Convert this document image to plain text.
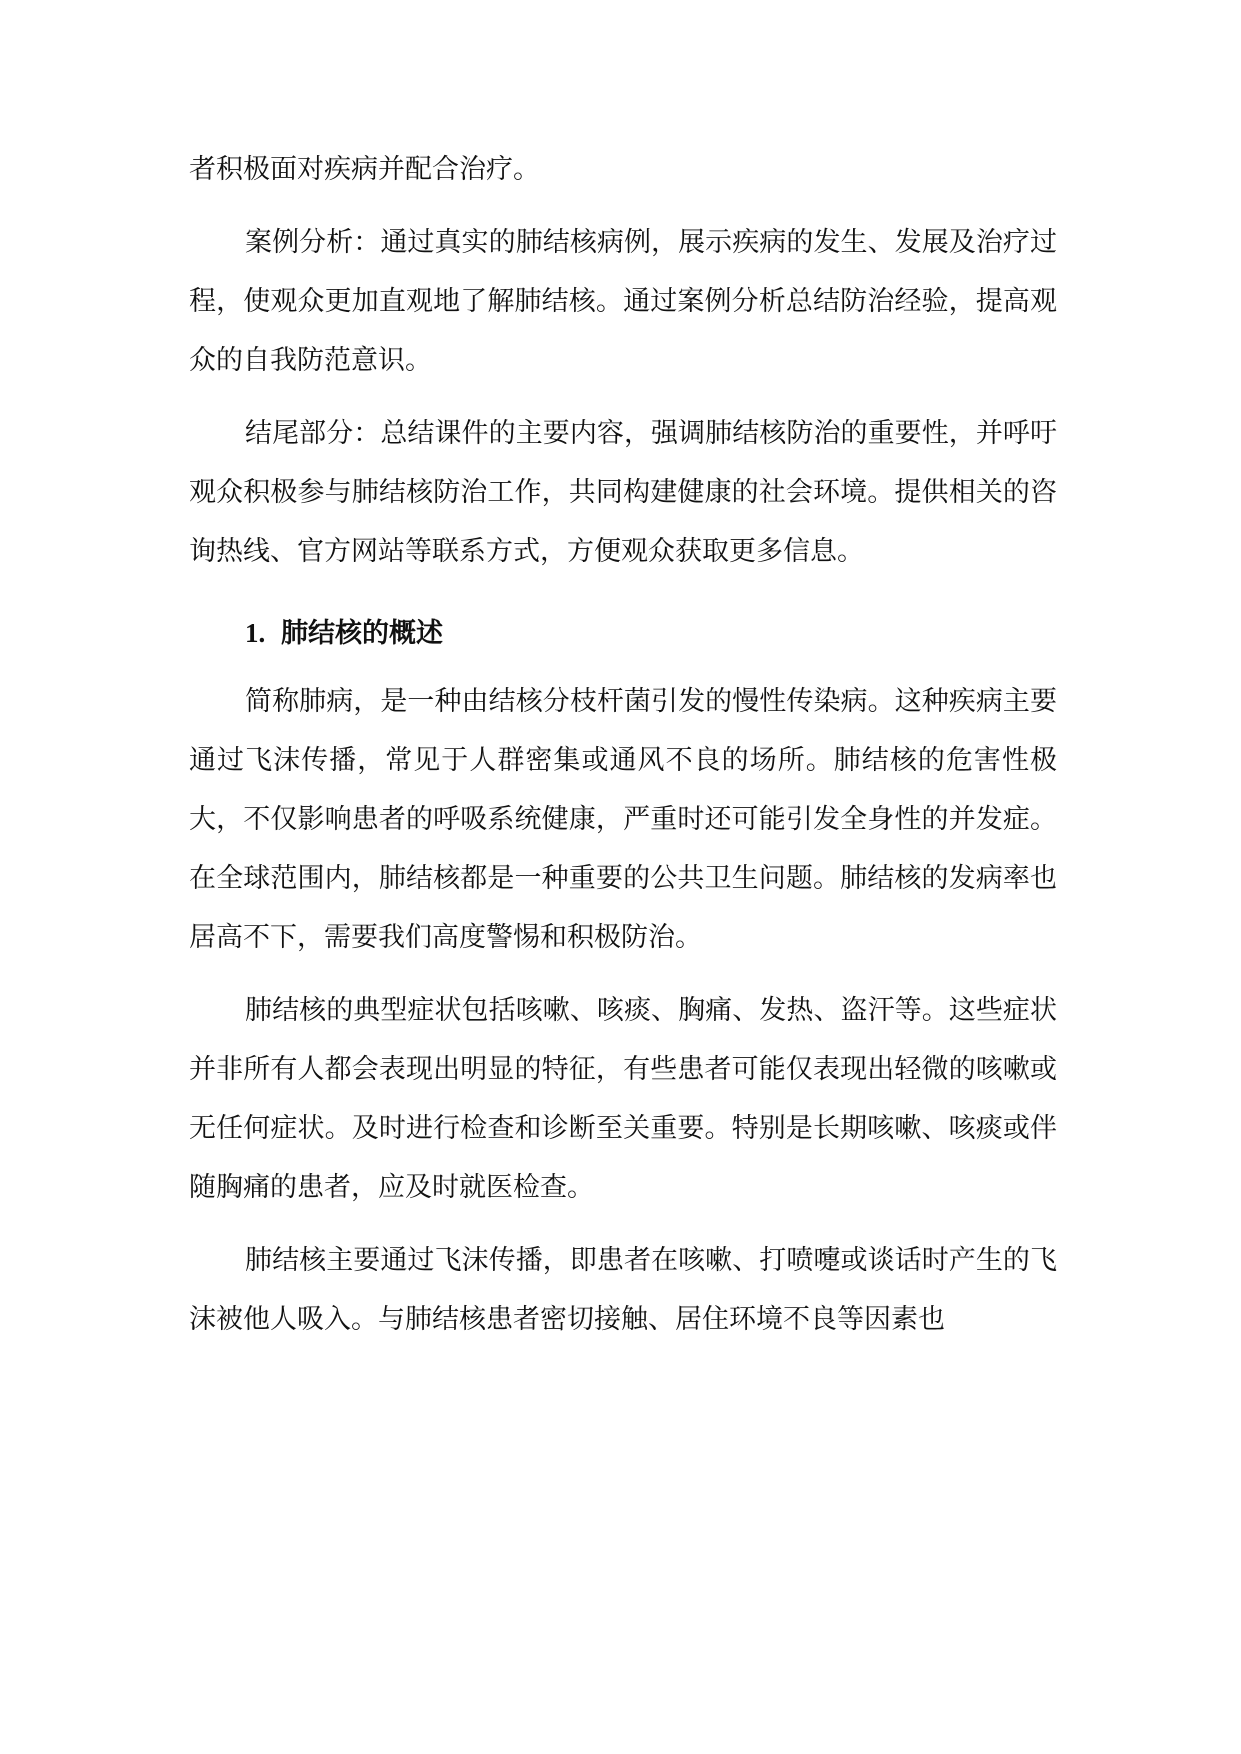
者积极面对疾病并配合治疗。

案例分析：通过真实的肺结核病例，展示疾病的发生、发展及治疗过程，使观众更加直观地了解肺结核。通过案例分析总结防治经验，提高观众的自我防范意识。

结尾部分：总结课件的主要内容，强调肺结核防治的重要性，并呼吁观众积极参与肺结核防治工作，共同构建健康的社会环境。提供相关的咨询热线、官方网站等联系方式，方便观众获取更多信息。

1. 肺结核的概述

简称肺病，是一种由结核分枝杆菌引发的慢性传染病。这种疾病主要通过飞沫传播，常见于人群密集或通风不良的场所。肺结核的危害性极大，不仅影响患者的呼吸系统健康，严重时还可能引发全身性的并发症。在全球范围内，肺结核都是一种重要的公共卫生问题。肺结核的发病率也居高不下，需要我们高度警惕和积极防治。

肺结核的典型症状包括咳嗽、咳痰、胸痛、发热、盗汗等。这些症状并非所有人都会表现出明显的特征，有些患者可能仅表现出轻微的咳嗽或无任何症状。及时进行检查和诊断至关重要。特别是长期咳嗽、咳痰或伴随胸痛的患者，应及时就医检查。

肺结核主要通过飞沫传播，即患者在咳嗽、打喷嚏或谈话时产生的飞沫被他人吸入。与肺结核患者密切接触、居住环境不良等因素也
